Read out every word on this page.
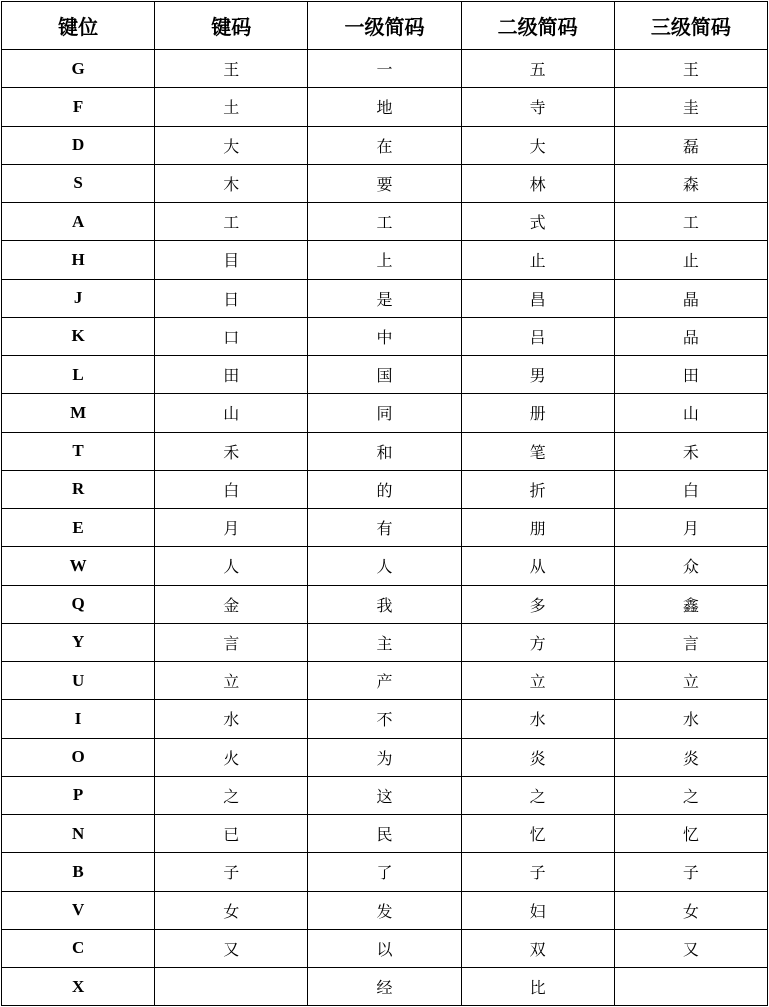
键位	键码	一级简码	二级简码	三级简码
G	王	一	五	王
F	土	地	寺	圭
D	大	在	大	磊
S	木	要	林	森
A	工	工	式	工
H	目	上	止	止
J	日	是	昌	晶
K	口	中	吕	品
L	田	国	男	田
M	山	同	册	山
T	禾	和	笔	禾
R	白	的	折	白
E	月	有	朋	月
W	人	人	从	众
Q	金	我	多	鑫
Y	言	主	方	言
U	立	产	立	立
I	水	不	水	水
O	火	为	炎	炎
P	之	这	之	之
N	已	民	忆	忆
B	子	了	子	子
V	女	发	妇	女
C	又	以	双	又
X		经	比	
